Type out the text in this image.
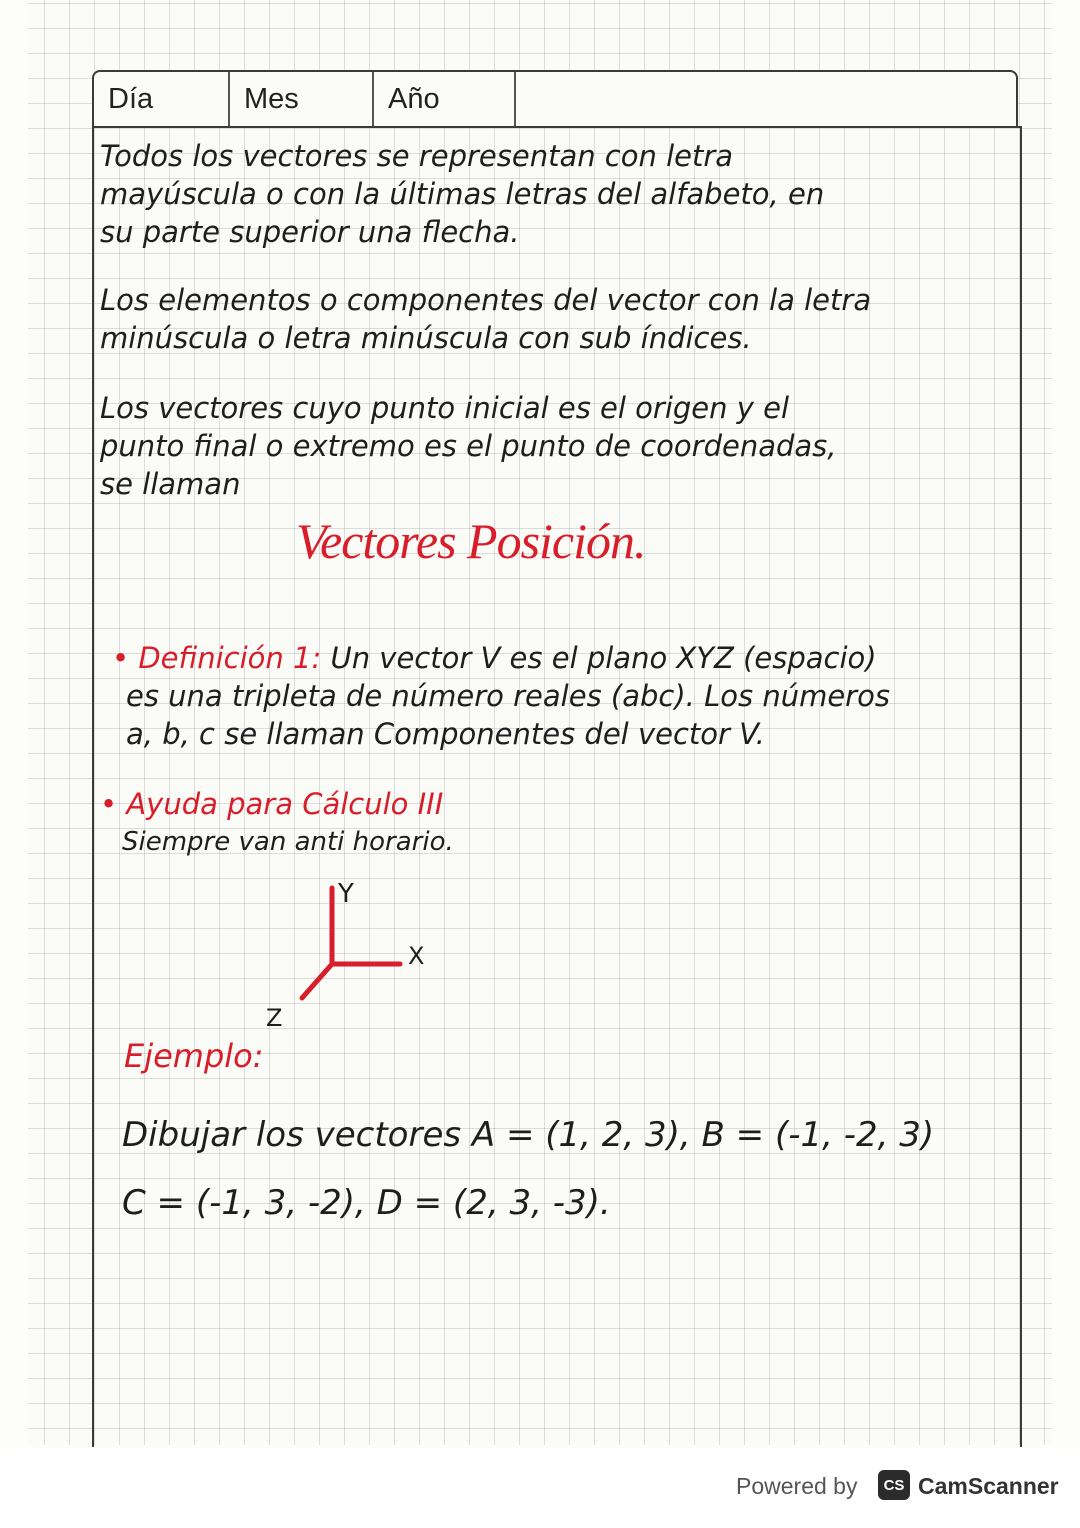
Día	Mes	Año
Todos los vectores se representan con letra
mayúscula o con la últimas letras del alfabeto, en
su parte superior una flecha.
Los elementos o componentes del vector con la letra
minúscula o letra minúscula con sub índices.
Los vectores cuyo punto inicial es el origen y el
punto final o extremo es el punto de coordenadas,
se llaman
Vectores Posición.
• Definición 1: Un vector V es el plano XYZ (espacio)
es una tripleta de número reales (abc). Los números
a, b, c se llaman Componentes del vector V.
• Ayuda para Cálculo III
Siempre van anti horario.
Y
X
Z
Ejemplo:
Dibujar los vectores A = (1, 2, 3), B = (-1, -2, 3)
C = (-1, 3, -2), D = (2, 3, -3).
Powered by	CS CamScanner
